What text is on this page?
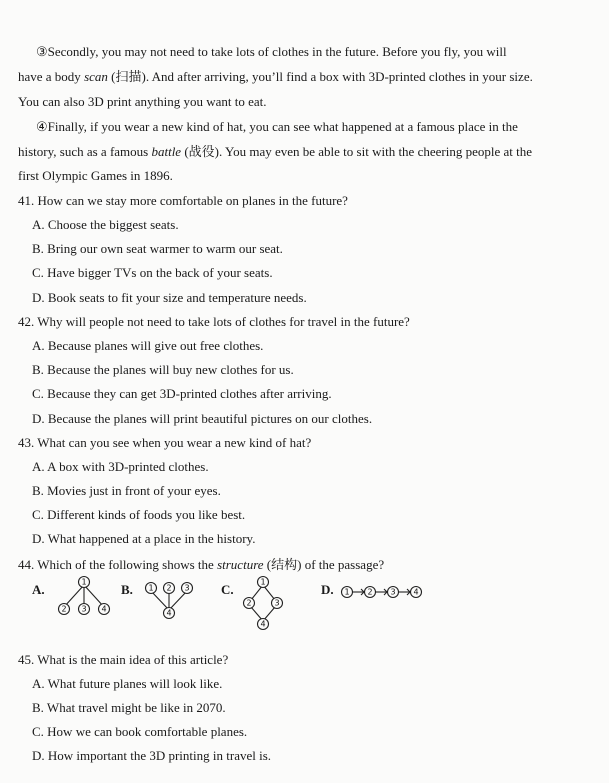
③Secondly, you may not need to take lots of clothes in the future. Before you fly, you will
have a body scan (扫描). And after arriving, you’ll find a box with 3D-printed clothes in your size.
You can also 3D print anything you want to eat.
④Finally, if you wear a new kind of hat, you can see what happened at a famous place in the
history, such as a famous battle (战役). You may even be able to sit with the cheering people at the
first Olympic Games in 1896.
41. How can we stay more comfortable on planes in the future?
A. Choose the biggest seats.
B. Bring our own seat warmer to warm our seat.
C. Have bigger TVs on the back of your seats.
D. Book seats to fit your size and temperature needs.
42. Why will people not need to take lots of clothes for travel in the future?
A. Because planes will give out free clothes.
B. Because the planes will buy new clothes for us.
C. Because they can get 3D-printed clothes after arriving.
D. Because the planes will print beautiful pictures on our clothes.
43. What can you see when you wear a new kind of hat?
A. A box with 3D-printed clothes.
B. Movies just in front of your eyes.
C. Different kinds of foods you like best.
D. What happened at a place in the history.
44. Which of the following shows the structure (结构) of the passage?
A.	1
2 3 4
B. 1 2 3
4
C.	1
2	3
4
D. 1 2 3 4
45. What is the main idea of this article?
A. What future planes will look like.
B. What travel might be like in 2070.
C. How we can book comfortable planes.
D. How important the 3D printing in travel is.
